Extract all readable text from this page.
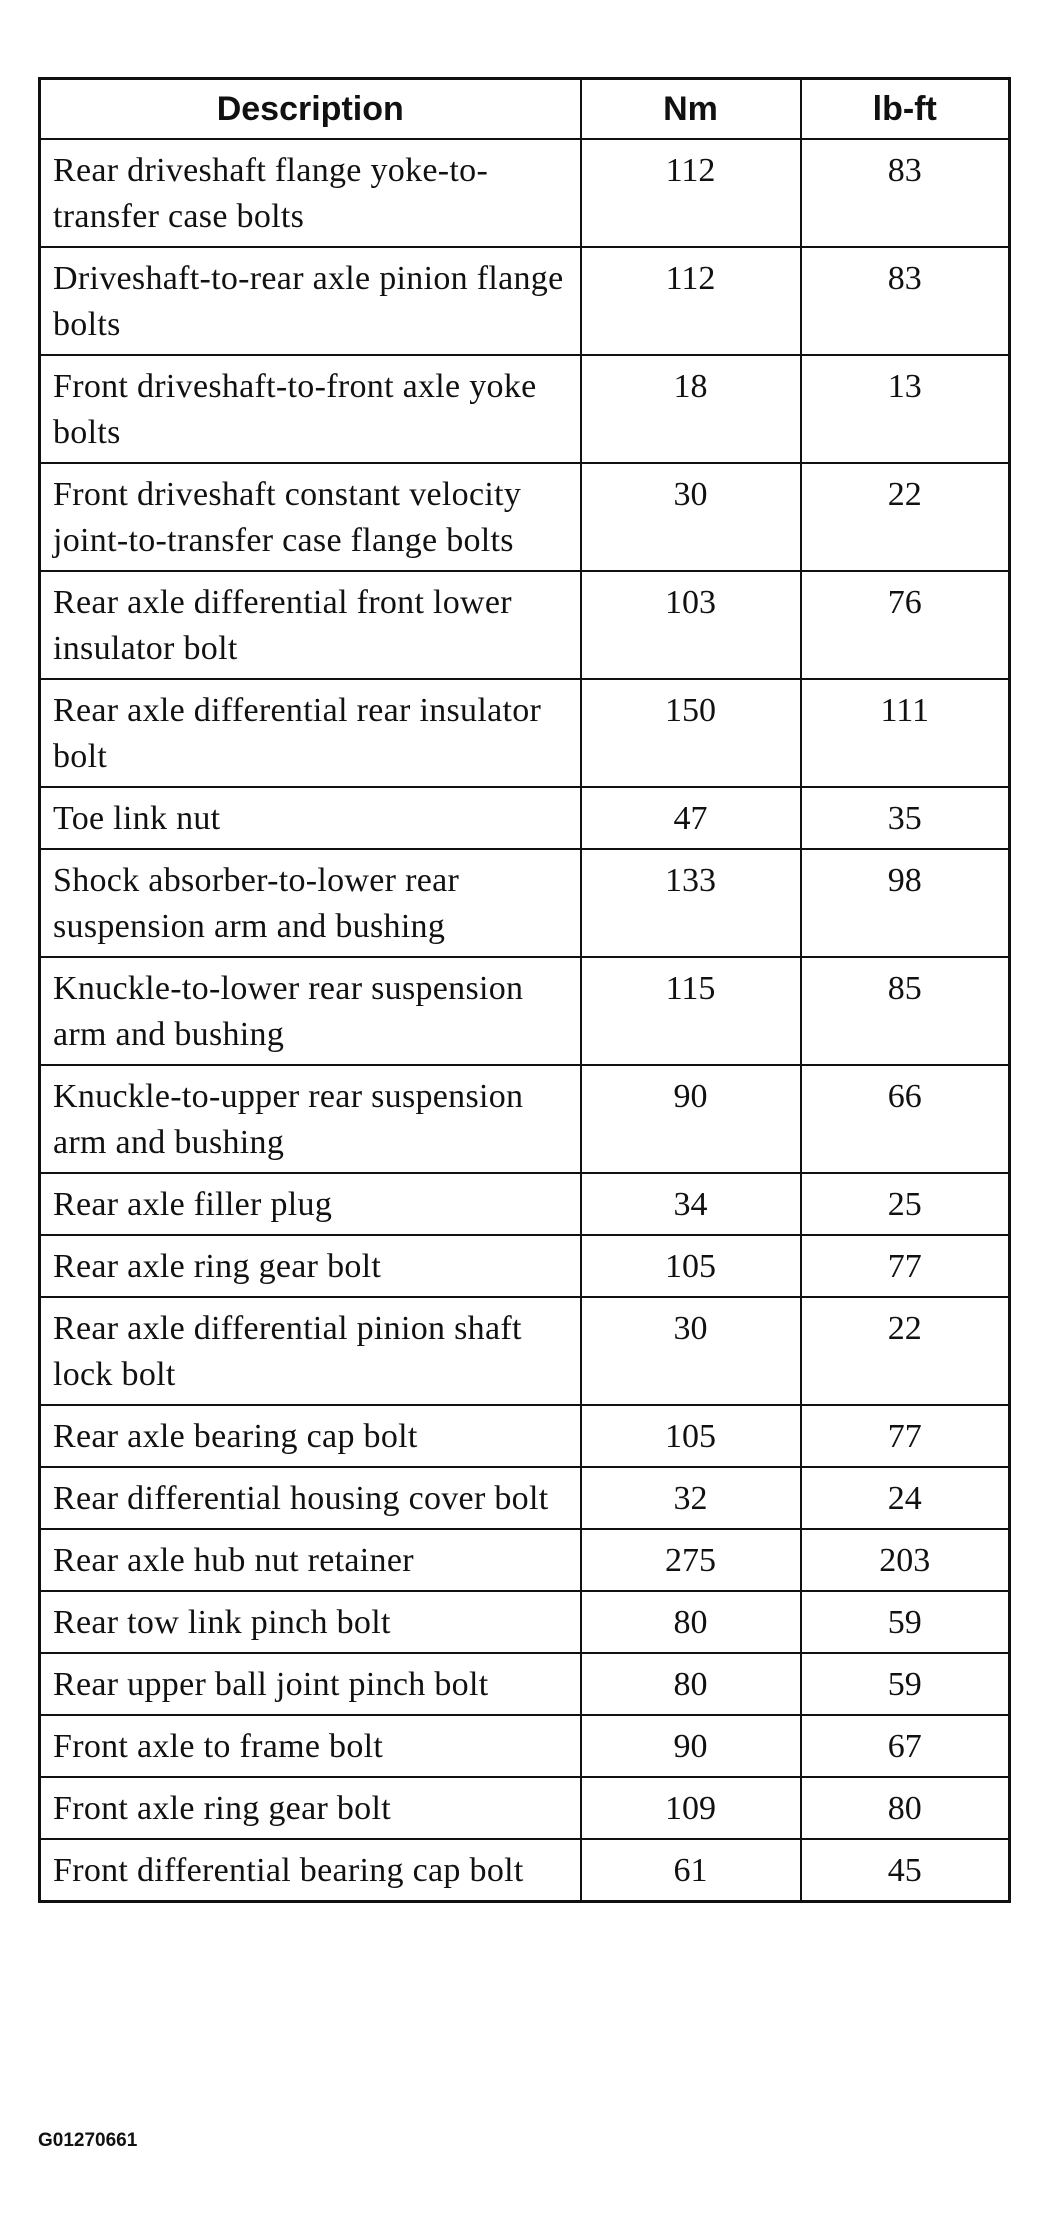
Description	Nm	lb-ft
Rear driveshaft flange yoke-to-transfer case bolts	112	83
Driveshaft-to-rear axle pinion flange bolts	112	83
Front driveshaft-to-front axle yoke bolts	18	13
Front driveshaft constant velocity joint-to-transfer case flange bolts	30	22
Rear axle differential front lower insulator bolt	103	76
Rear axle differential rear insulator bolt	150	111
Toe link nut	47	35
Shock absorber-to-lower rear suspension arm and bushing	133	98
Knuckle-to-lower rear suspension arm and bushing	115	85
Knuckle-to-upper rear suspension arm and bushing	90	66
Rear axle filler plug	34	25
Rear axle ring gear bolt	105	77
Rear axle differential pinion shaft lock bolt	30	22
Rear axle bearing cap bolt	105	77
Rear differential housing cover bolt	32	24
Rear axle hub nut retainer	275	203
Rear tow link pinch bolt	80	59
Rear upper ball joint pinch bolt	80	59
Front axle to frame bolt	90	67
Front axle ring gear bolt	109	80
Front differential bearing cap bolt	61	45
G01270661
